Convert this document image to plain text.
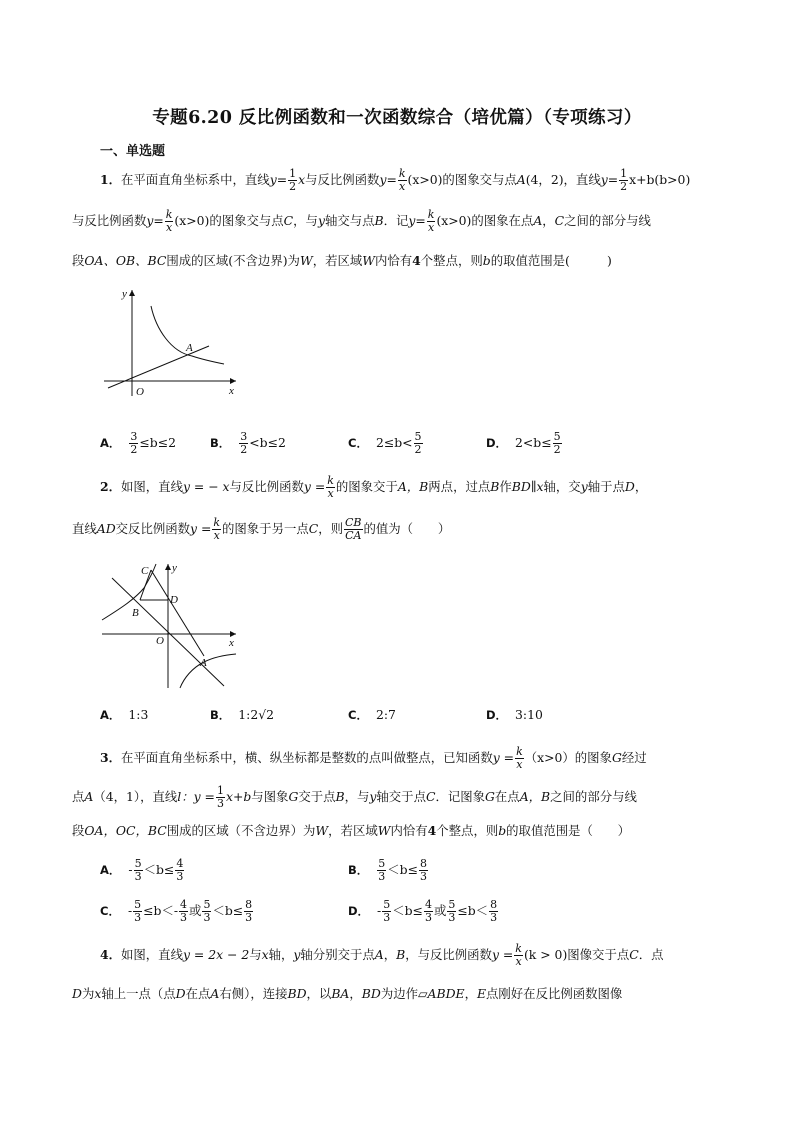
专题6.20 反比例函数和一次函数综合（培优篇）（专项练习）
一、单选题
1．在平面直角坐标系中，直线$y= \frac{1}{2}$ x与反比例函数$y= \frac{k}{x} (x>0)$的图象交与点A(4，2)，直线$y= \frac{1}{2} x+b(b>0)$
与反比例函数$y= \frac{k}{x} (x>0)$的图象交与点C，与y轴交与点B．记$y= \frac{k}{x} (x>0)$的图象在点A，C之间的部分与线
段OA、OB、BC围成的区域(不含边界)为W，若区域W内恰有4个整点，则b的取值范围是(　　　)
y
x
O
A
A． $\frac{3}{2} \le b\le 2$	B． $\frac{3}{2} <b\le 2$	C． $2\le b< \frac{5}{2}$	D． $2<b\le \frac{5}{2}$
2．如图，直线y = − x与反比例函数$y = \frac{k}{x}$ 的图象交于A，B两点，过点B作BD∥x轴，交y轴于点D，
直线AD交反比例函数$y = \frac{k}{x}$ 的图象于另一点C，则 $\frac{CB}{CA}$ 的值为（　　）
C y
D
B
O	x
A
A． 1:3	B． 1:2√2	C． 2:7	D． 3:10
3．在平面直角坐标系中，横、纵坐标都是整数的点叫做整点，已知函数$y = \frac{k}{x} (x>0)$的图象G经过
点A（4，1），直线l：$y = \frac{1}{3} x+b$与图象G交于点B，与y轴交于点C．记图象G在点A，B之间的部分与线
段OA，OC，BC围成的区域（不含边界）为W，若区域W内恰有4个整点，则b的取值范围是（　　）
A． - $\frac{5}{3} <b\le \frac{4}{3}$	B． $\frac{5}{3} <b\le \frac{8}{3}$
C． - $\frac{5}{3} \le b<- \frac{4}{3}$ 或 $\frac{5}{3} <b\le \frac{8}{3}$	D． - $\frac{5}{3} <b\le \frac{4}{3}$ 或 $\frac{5}{3} \le b< \frac{8}{3}$
4．如图，直线y = 2x − 2与x轴，y轴分别交于点A，B，与反比例函数$y = \frac{k}{x} (k > 0)$图像交于点C．点
D为x轴上一点（点D在点A右侧），连接BD，以BA，BD为边作▱ABDE，E点刚好在反比例函数图像
